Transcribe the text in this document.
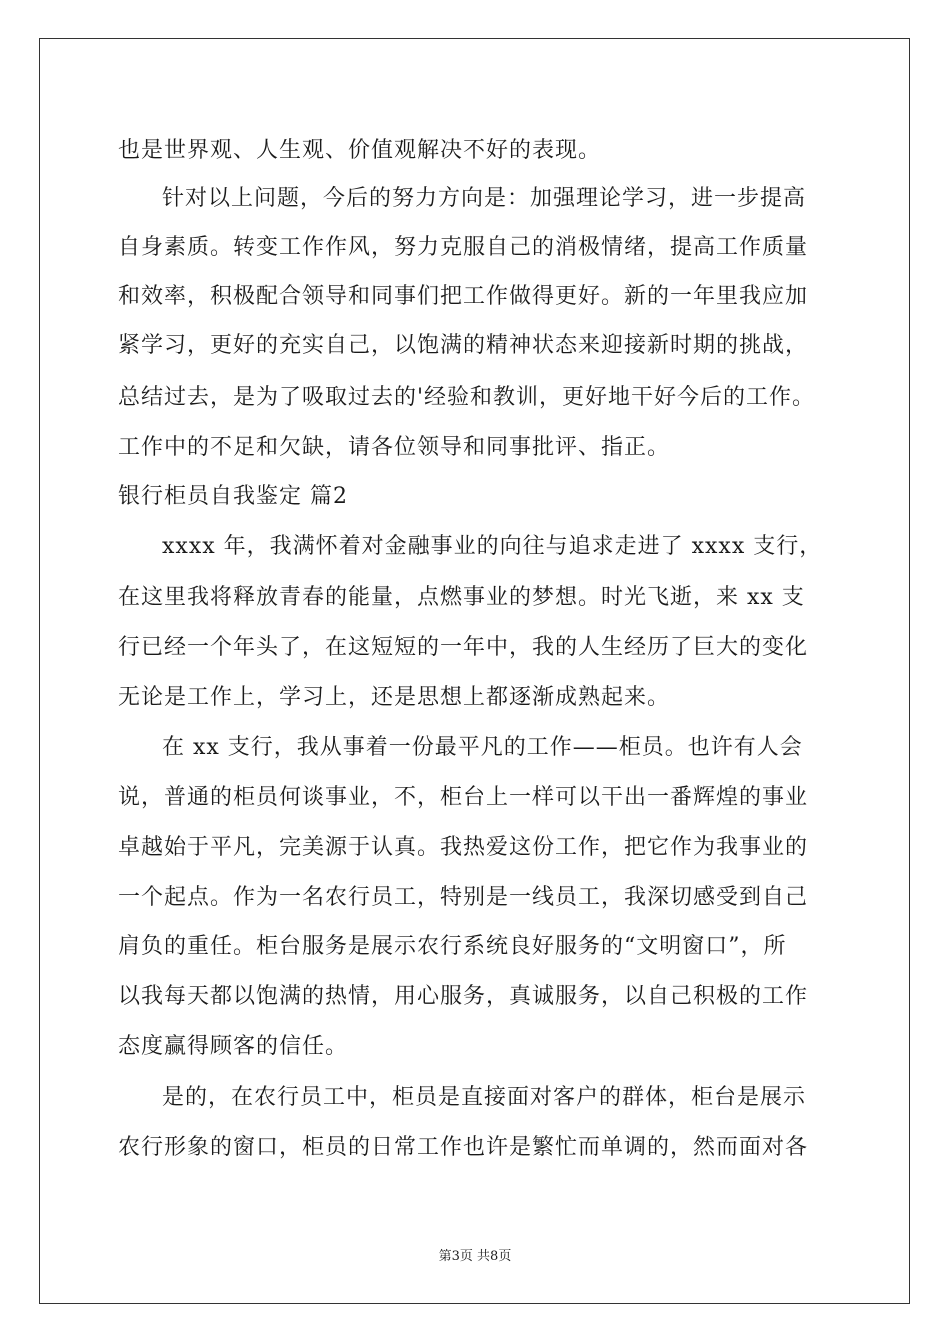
也是世界观、人生观、价值观解决不好的表现。
针对以上问题，今后的努力方向是：加强理论学习，进一步提高
自身素质。转变工作作风，努力克服自己的消极情绪，提高工作质量
和效率，积极配合领导和同事们把工作做得更好。新的一年里我应加
紧学习，更好的充实自己，以饱满的精神状态来迎接新时期的挑战，
总结过去，是为了吸取过去的'经验和教训，更好地干好今后的工作。
工作中的不足和欠缺，请各位领导和同事批评、指正。
银行柜员自我鉴定 篇2
xxxx 年，我满怀着对金融事业的向往与追求走进了 xxxx 支行，
在这里我将释放青春的能量，点燃事业的梦想。时光飞逝，来 xx 支
行已经一个年头了，在这短短的一年中，我的人生经历了巨大的变化
无论是工作上，学习上，还是思想上都逐渐成熟起来。
在 xx 支行，我从事着一份最平凡的工作——柜员。也许有人会
说，普通的柜员何谈事业，不，柜台上一样可以干出一番辉煌的事业
卓越始于平凡，完美源于认真。我热爱这份工作，把它作为我事业的
一个起点。作为一名农行员工，特别是一线员工，我深切感受到自己
肩负的重任。柜台服务是展示农行系统良好服务的“文明窗口”，所
以我每天都以饱满的热情，用心服务，真诚服务，以自己积极的工作
态度赢得顾客的信任。
是的，在农行员工中，柜员是直接面对客户的群体，柜台是展示
农行形象的窗口，柜员的日常工作也许是繁忙而单调的，然而面对各
第3页 共8页
